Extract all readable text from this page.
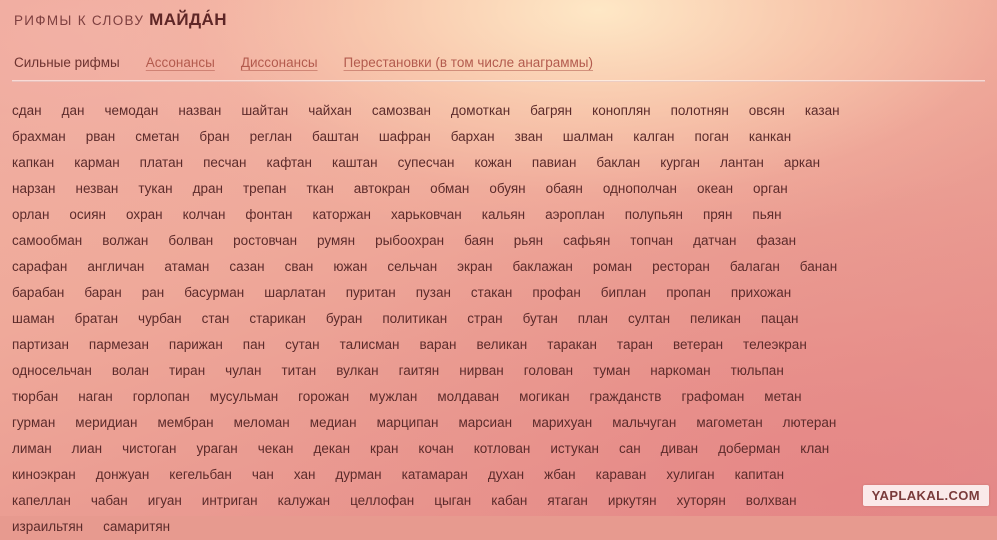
РИФМЫ К СЛОВУ МАЙДА́Н
Сильные рифмы	Ассонансы	Диссонансы	Перестановки (в том числе анаграммы)
сдан дан чемодан назван шайтан чайхан самозван домоткан багрян коноплян полотнян овсян казан
брахман рван сметан бран реглан баштан шафран бархан зван шалман калган поган канкан
капкан карман платан песчан кафтан каштан супесчан кожан павиан баклан курган лантан аркан
нарзан незван тукан дран трепан ткан автокран обман обуян обаян однополчан океан орган
орлан осиян охран колчан фонтан каторжан харьковчан кальян аэроплан полупьян прян пьян
самообман волжан болван ростовчан румян рыбоохран баян рьян сафьян топчан датчан фазан
сарафан англичан атаман сазан сван южан сельчан экран баклажан роман ресторан балаган банан
барабан баран ран басурман шарлатан пуритан пузан стакан профан биплан пропан прихожан
шаман братан чурбан стан старикан буран политикан стран бутан план султан пеликан пацан
партизан пармезан парижан пан сутан талисман варан великан таракан таран ветеран телеэкран
односельчан волан тиран чулан титан вулкан гаитян нирван голован туман наркоман тюльпан
тюрбан наган горлопан мусульман горожан мужлан молдаван могикан гражданств графоман метан
гурман меридиан мембран меломан медиан марципан марсиан марихуан мальчуган магометан лютеран
лиман лиан чистоган ураган чекан декан кран кочан котлован истукан сан диван доберман клан
киноэкран донжуан кегельбан чан хан дурман катамаран духан жбан караван хулиган капитан
капеллан чабан игуан интриган калужан целлофан цыган кабан ятаган иркутян хуторян волхван
израильтян самаритян
YAPLAKAL.COM
